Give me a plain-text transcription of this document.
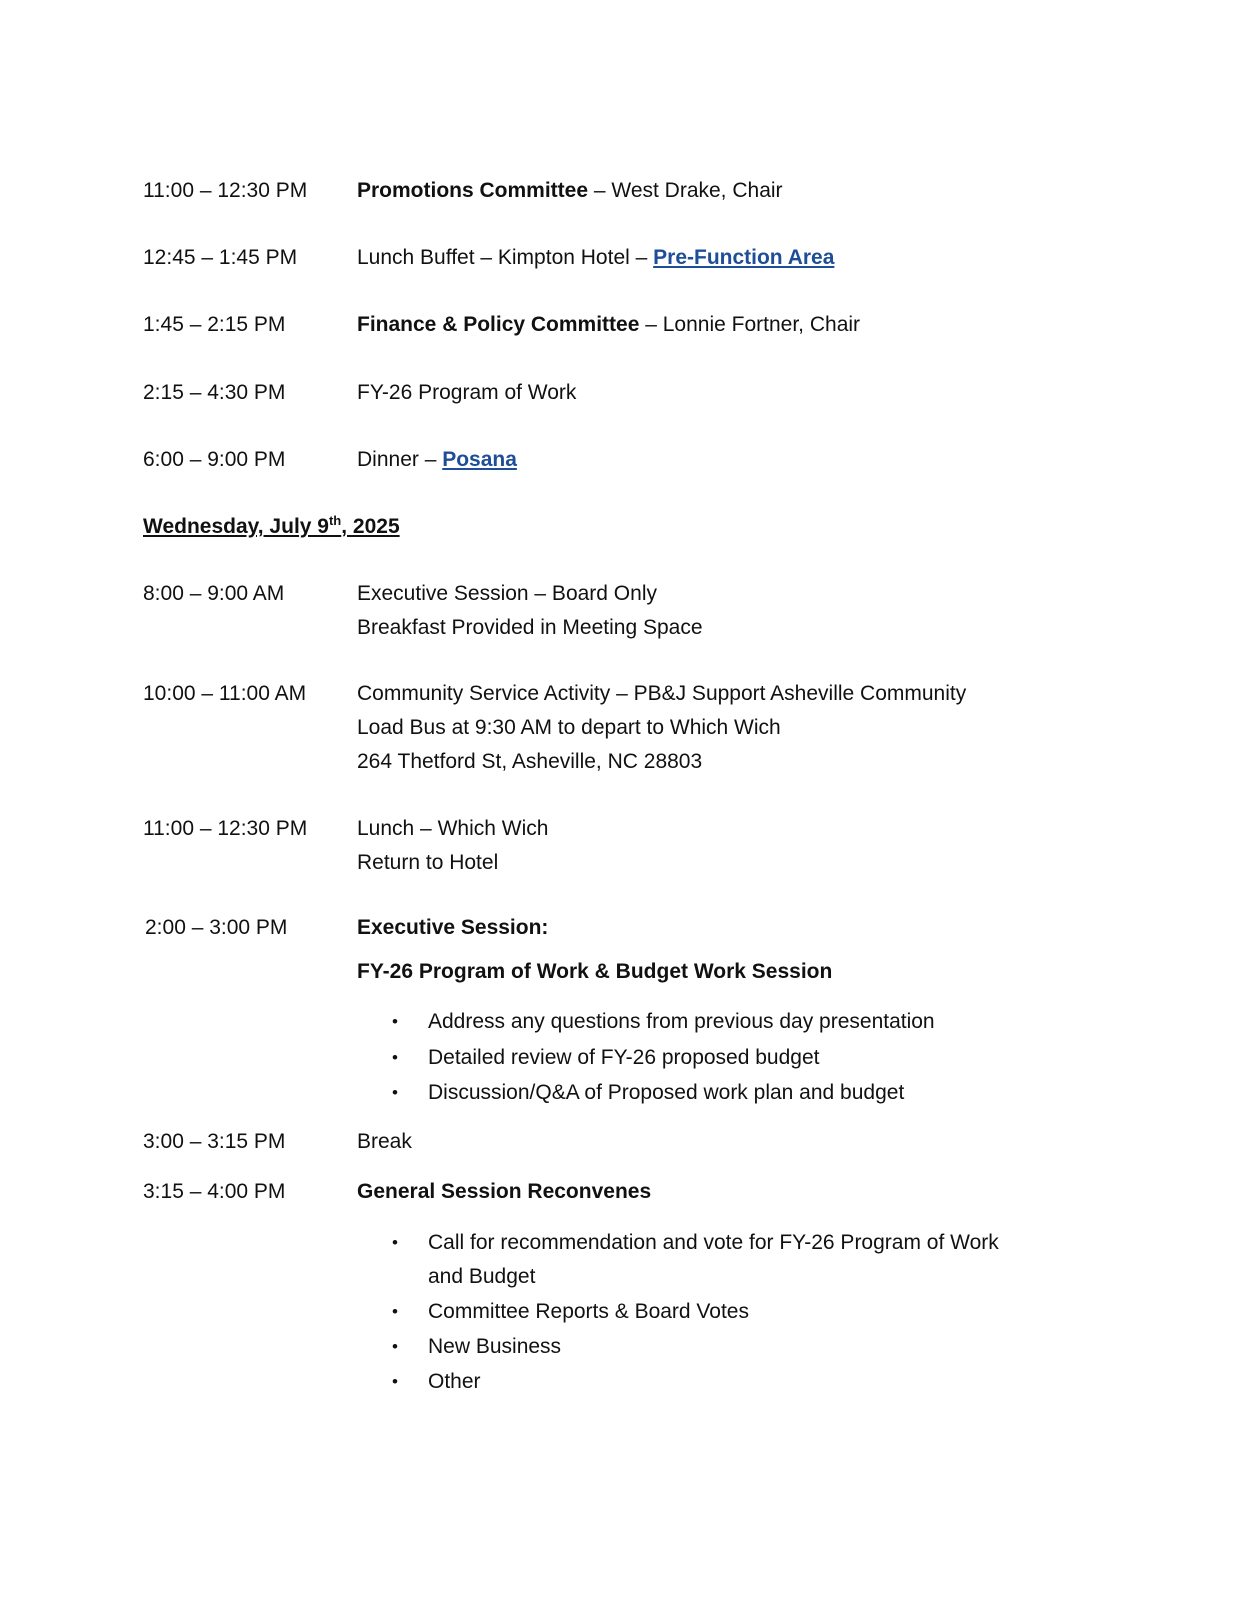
11:00 – 12:30 PM Promotions Committee – West Drake, Chair
12:45 – 1:45 PM	Lunch Buffet – Kimpton Hotel – Pre-Function Area
1:45 – 2:15 PM	Finance & Policy Committee – Lonnie Fortner, Chair
2:15 – 4:30 PM	FY-26 Program of Work
6:00 – 9:00 PM	Dinner – Posana
Wednesday, July 9th, 2025
8:00 – 9:00 AM	Executive Session – Board Only
Breakfast Provided in Meeting Space
10:00 – 11:00 AM Community Service Activity – PB&J Support Asheville Community
Load Bus at 9:30 AM to depart to Which Wich
264 Thetford St, Asheville, NC 28803
11:00 – 12:30 PM Lunch – Which Wich
Return to Hotel
2:00 – 3:00 PM	Executive Session:
FY-26 Program of Work & Budget Work Session
• Address any questions from previous day presentation
• Detailed review of FY-26 proposed budget
• Discussion/Q&A of Proposed work plan and budget
3:00 – 3:15 PM	Break
3:15 – 4:00 PM	General Session Reconvenes
• Call for recommendation and vote for FY-26 Program of Work
and Budget
• Committee Reports & Board Votes
• New Business
• Other
